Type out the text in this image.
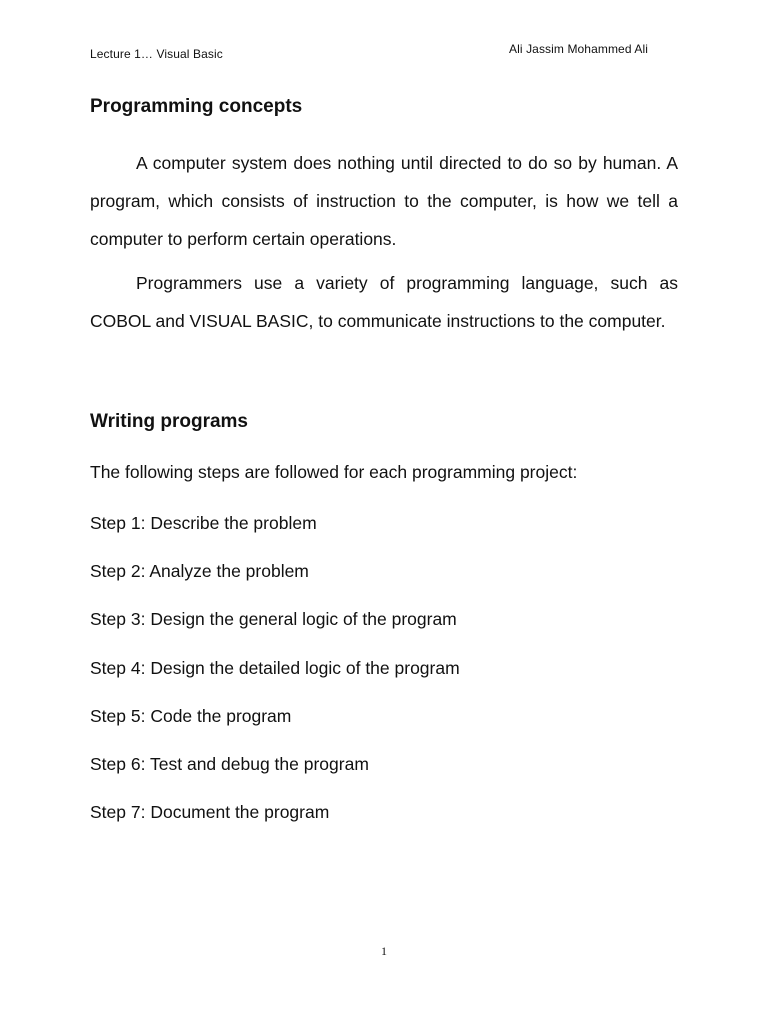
Lecture 1… Visual Basic	Ali Jassim Mohammed Ali
Programming concepts
A computer system does nothing until directed to do so by human. A program, which consists of instruction to the computer, is how we tell a computer to perform certain operations.
Programmers use a variety of programming language, such as COBOL and VISUAL BASIC, to communicate instructions to the computer.
Writing programs
The following steps are followed for each programming project:
Step 1: Describe the problem
Step 2: Analyze the problem
Step 3: Design the general logic of the program
Step 4: Design the detailed logic of the program
Step 5: Code the program
Step 6: Test and debug the program
Step 7: Document the program
1
